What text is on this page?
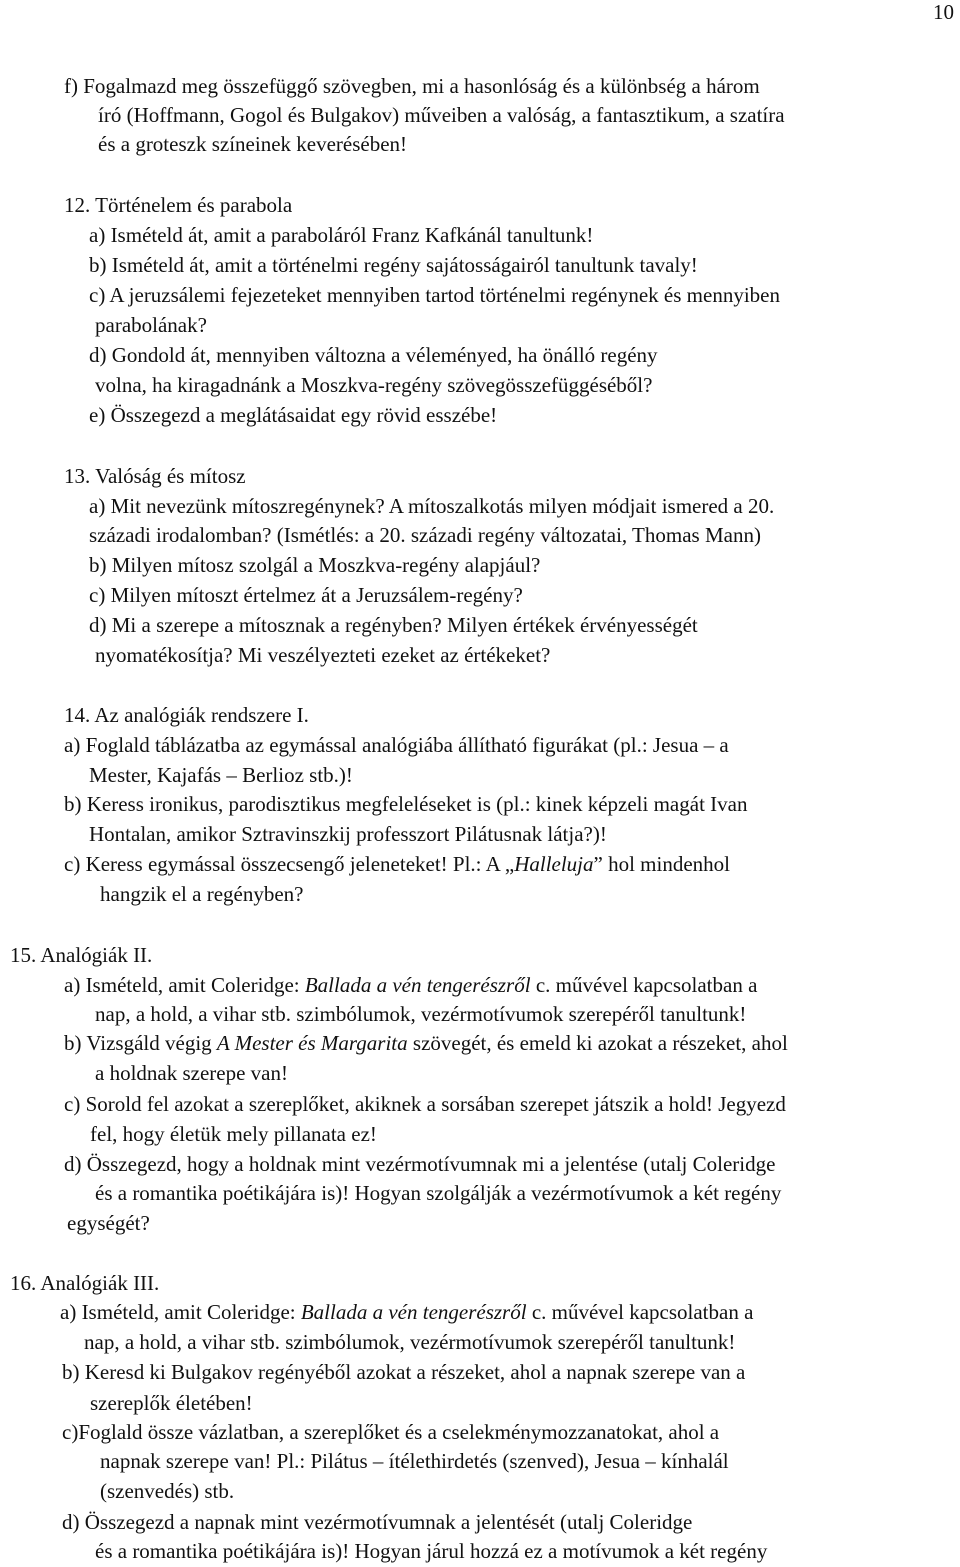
10
f) Fogalmazd meg összefüggő szövegben, mi a hasonlóság és a különbség a három
író (Hoffmann, Gogol és Bulgakov) műveiben a valóság, a fantasztikum, a szatíra
és a groteszk színeinek keverésében!
12. Történelem és parabola
a) Ismételd át, amit a paraboláról Franz Kafkánál tanultunk!
b) Ismételd át, amit a történelmi regény sajátosságairól tanultunk tavaly!
c) A jeruzsálemi fejezeteket mennyiben tartod történelmi regénynek és mennyiben
parabolának?
d) Gondold át, mennyiben változna a véleményed, ha önálló regény
volna, ha kiragadnánk a Moszkva-regény szövegösszefüggéséből?
e) Összegezd a meglátásaidat egy rövid esszébe!
13. Valóság és mítosz
a) Mit nevezünk mítoszregénynek? A mítoszalkotás milyen módjait ismered a 20.
századi irodalomban? (Ismétlés: a 20. századi regény változatai, Thomas Mann)
b) Milyen mítosz szolgál a Moszkva-regény alapjául?
c) Milyen mítoszt értelmez át a Jeruzsálem-regény?
d) Mi a szerepe a mítosznak a regényben? Milyen értékek érvényességét
nyomatékosítja? Mi veszélyezteti ezeket az értékeket?
14. Az analógiák rendszere I.
a) Foglald táblázatba az egymással analógiába állítható figurákat (pl.: Jesua – a
Mester, Kajafás – Berlioz stb.)!
b) Keress ironikus, parodisztikus megfeleléseket is (pl.: kinek képzeli magát Ivan
Hontalan, amikor Sztravinszkij professzort Pilátusnak látja?)!
c) Keress egymással összecsengő jeleneteket! Pl.: A „Halleluja” hol mindenhol
hangzik el a regényben?
15. Analógiák II.
a) Ismételd, amit Coleridge: Ballada a vén tengerészről c. művével kapcsolatban a
nap, a hold, a vihar stb. szimbólumok, vezérmotívumok szerepéről tanultunk!
b) Vizsgáld végig A Mester és Margarita szövegét, és emeld ki azokat a részeket, ahol
a holdnak szerepe van!
c) Sorold fel azokat a szereplőket, akiknek a sorsában szerepet játszik a hold! Jegyezd
fel, hogy életük mely pillanata ez!
d) Összegezd, hogy a holdnak mint vezérmotívumnak mi a jelentése (utalj Coleridge
és a romantika poétikájára is)! Hogyan szolgálják a vezérmotívumok a két regény
egységét?
16. Analógiák III.
a) Ismételd, amit Coleridge: Ballada a vén tengerészről c. művével kapcsolatban a
nap, a hold, a vihar stb. szimbólumok, vezérmotívumok szerepéről tanultunk!
b) Keresd ki Bulgakov regényéből azokat a részeket, ahol a napnak szerepe van a
szereplők életében!
c)Foglald össze vázlatban, a szereplőket és a cselekménymozzanatokat, ahol a
napnak szerepe van! Pl.: Pilátus – ítélethirdetés (szenved), Jesua – kínhalál
(szenvedés) stb.
d) Összegezd a napnak mint vezérmotívumnak a jelentését (utalj Coleridge
és a romantika poétikájára is)! Hogyan járul hozzá ez a motívumok a két regény
